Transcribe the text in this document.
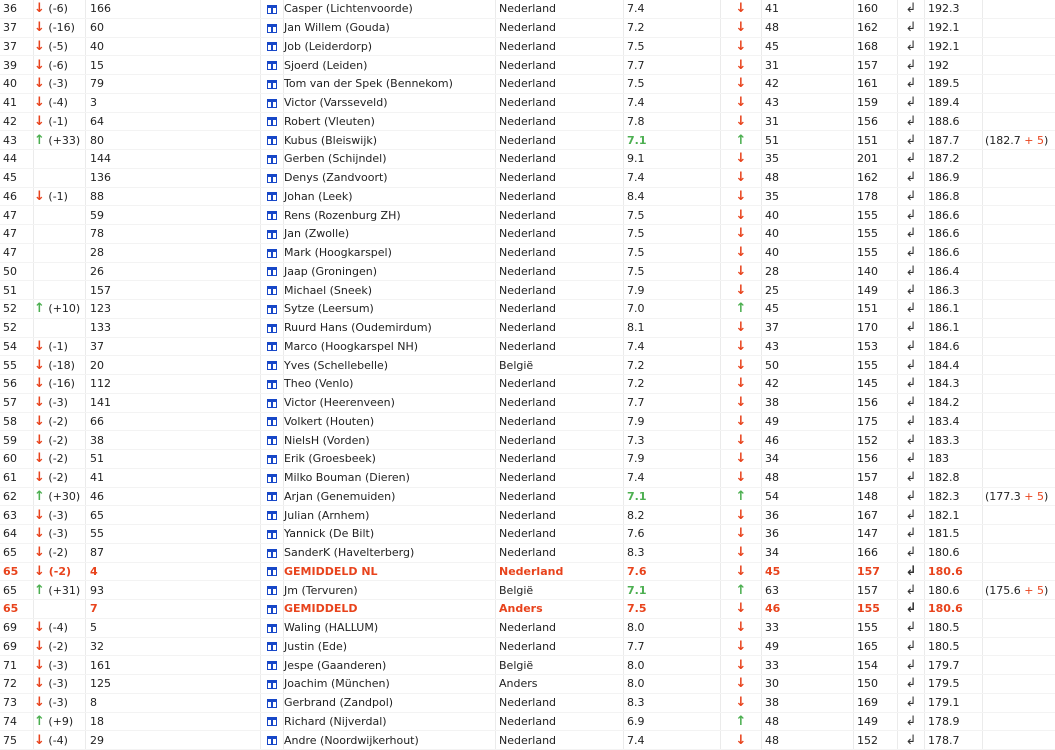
36	↓ (-6)	166		Casper (Lichtenvoorde)	Nederland	7.4	↓	41	160	↲	192.3	
37	↓ (-16)	60		Jan Willem (Gouda)	Nederland	7.2	↓	48	162	↲	192.1	
37	↓ (-5)	40		Job (Leiderdorp)	Nederland	7.5	↓	45	168	↲	192.1	
39	↓ (-6)	15		Sjoerd (Leiden)	Nederland	7.7	↓	31	157	↲	192	
40	↓ (-3)	79		Tom van der Spek (Bennekom)	Nederland	7.5	↓	42	161	↲	189.5	
41	↓ (-4)	3		Victor (Varsseveld)	Nederland	7.4	↓	43	159	↲	189.4	
42	↓ (-1)	64		Robert (Vleuten)	Nederland	7.8	↓	31	156	↲	188.6	
43	↑ (+33)	80		Kubus (Bleiswijk)	Nederland	7.1	↑	51	151	↲	187.7	(182.7 + 5)
44		144		Gerben (Schijndel)	Nederland	9.1	↓	35	201	↲	187.2	
45		136		Denys (Zandvoort)	Nederland	7.4	↓	48	162	↲	186.9	
46	↓ (-1)	88		Johan (Leek)	Nederland	8.4	↓	35	178	↲	186.8	
47		59		Rens (Rozenburg ZH)	Nederland	7.5	↓	40	155	↲	186.6	
47		78		Jan (Zwolle)	Nederland	7.5	↓	40	155	↲	186.6	
47		28		Mark (Hoogkarspel)	Nederland	7.5	↓	40	155	↲	186.6	
50		26		Jaap (Groningen)	Nederland	7.5	↓	28	140	↲	186.4	
51		157		Michael (Sneek)	Nederland	7.9	↓	25	149	↲	186.3	
52	↑ (+10)	123		Sytze (Leersum)	Nederland	7.0	↑	45	151	↲	186.1	
52		133		Ruurd Hans (Oudemirdum)	Nederland	8.1	↓	37	170	↲	186.1	
54	↓ (-1)	37		Marco (Hoogkarspel NH)	Nederland	7.4	↓	43	153	↲	184.6	
55	↓ (-18)	20		Yves (Schellebelle)	België	7.2	↓	50	155	↲	184.4	
56	↓ (-16)	112		Theo (Venlo)	Nederland	7.2	↓	42	145	↲	184.3	
57	↓ (-3)	141		Victor (Heerenveen)	Nederland	7.7	↓	38	156	↲	184.2	
58	↓ (-2)	66		Volkert (Houten)	Nederland	7.9	↓	49	175	↲	183.4	
59	↓ (-2)	38		NielsH (Vorden)	Nederland	7.3	↓	46	152	↲	183.3	
60	↓ (-2)	51		Erik (Groesbeek)	Nederland	7.9	↓	34	156	↲	183	
61	↓ (-2)	41		Milko Bouman (Dieren)	Nederland	7.4	↓	48	157	↲	182.8	
62	↑ (+30)	46		Arjan (Genemuiden)	Nederland	7.1	↑	54	148	↲	182.3	(177.3 + 5)
63	↓ (-3)	65		Julian (Arnhem)	Nederland	8.2	↓	36	167	↲	182.1	
64	↓ (-3)	55		Yannick (De Bilt)	Nederland	7.6	↓	36	147	↲	181.5	
65	↓ (-2)	87		SanderK (Havelterberg)	Nederland	8.3	↓	34	166	↲	180.6	
65	↓ (-2)	4		GEMIDDELD NL	Nederland	7.6	↓	45	157	↲	180.6	
65	↑ (+31)	93		Jm (Tervuren)	België	7.1	↑	63	157	↲	180.6	(175.6 + 5)
65		7		GEMIDDELD	Anders	7.5	↓	46	155	↲	180.6	
69	↓ (-4)	5		Waling (HALLUM)	Nederland	8.0	↓	33	155	↲	180.5	
69	↓ (-2)	32		Justin (Ede)	Nederland	7.7	↓	49	165	↲	180.5	
71	↓ (-3)	161		Jespe (Gaanderen)	België	8.0	↓	33	154	↲	179.7	
72	↓ (-3)	125		Joachim (München)	Anders	8.0	↓	30	150	↲	179.5	
73	↓ (-3)	8		Gerbrand (Zandpol)	Nederland	8.3	↓	38	169	↲	179.1	
74	↑ (+9)	18		Richard (Nijverdal)	Nederland	6.9	↑	48	149	↲	178.9	
75	↓ (-4)	29		Andre (Noordwijkerhout)	Nederland	7.4	↓	48	152	↲	178.7	
